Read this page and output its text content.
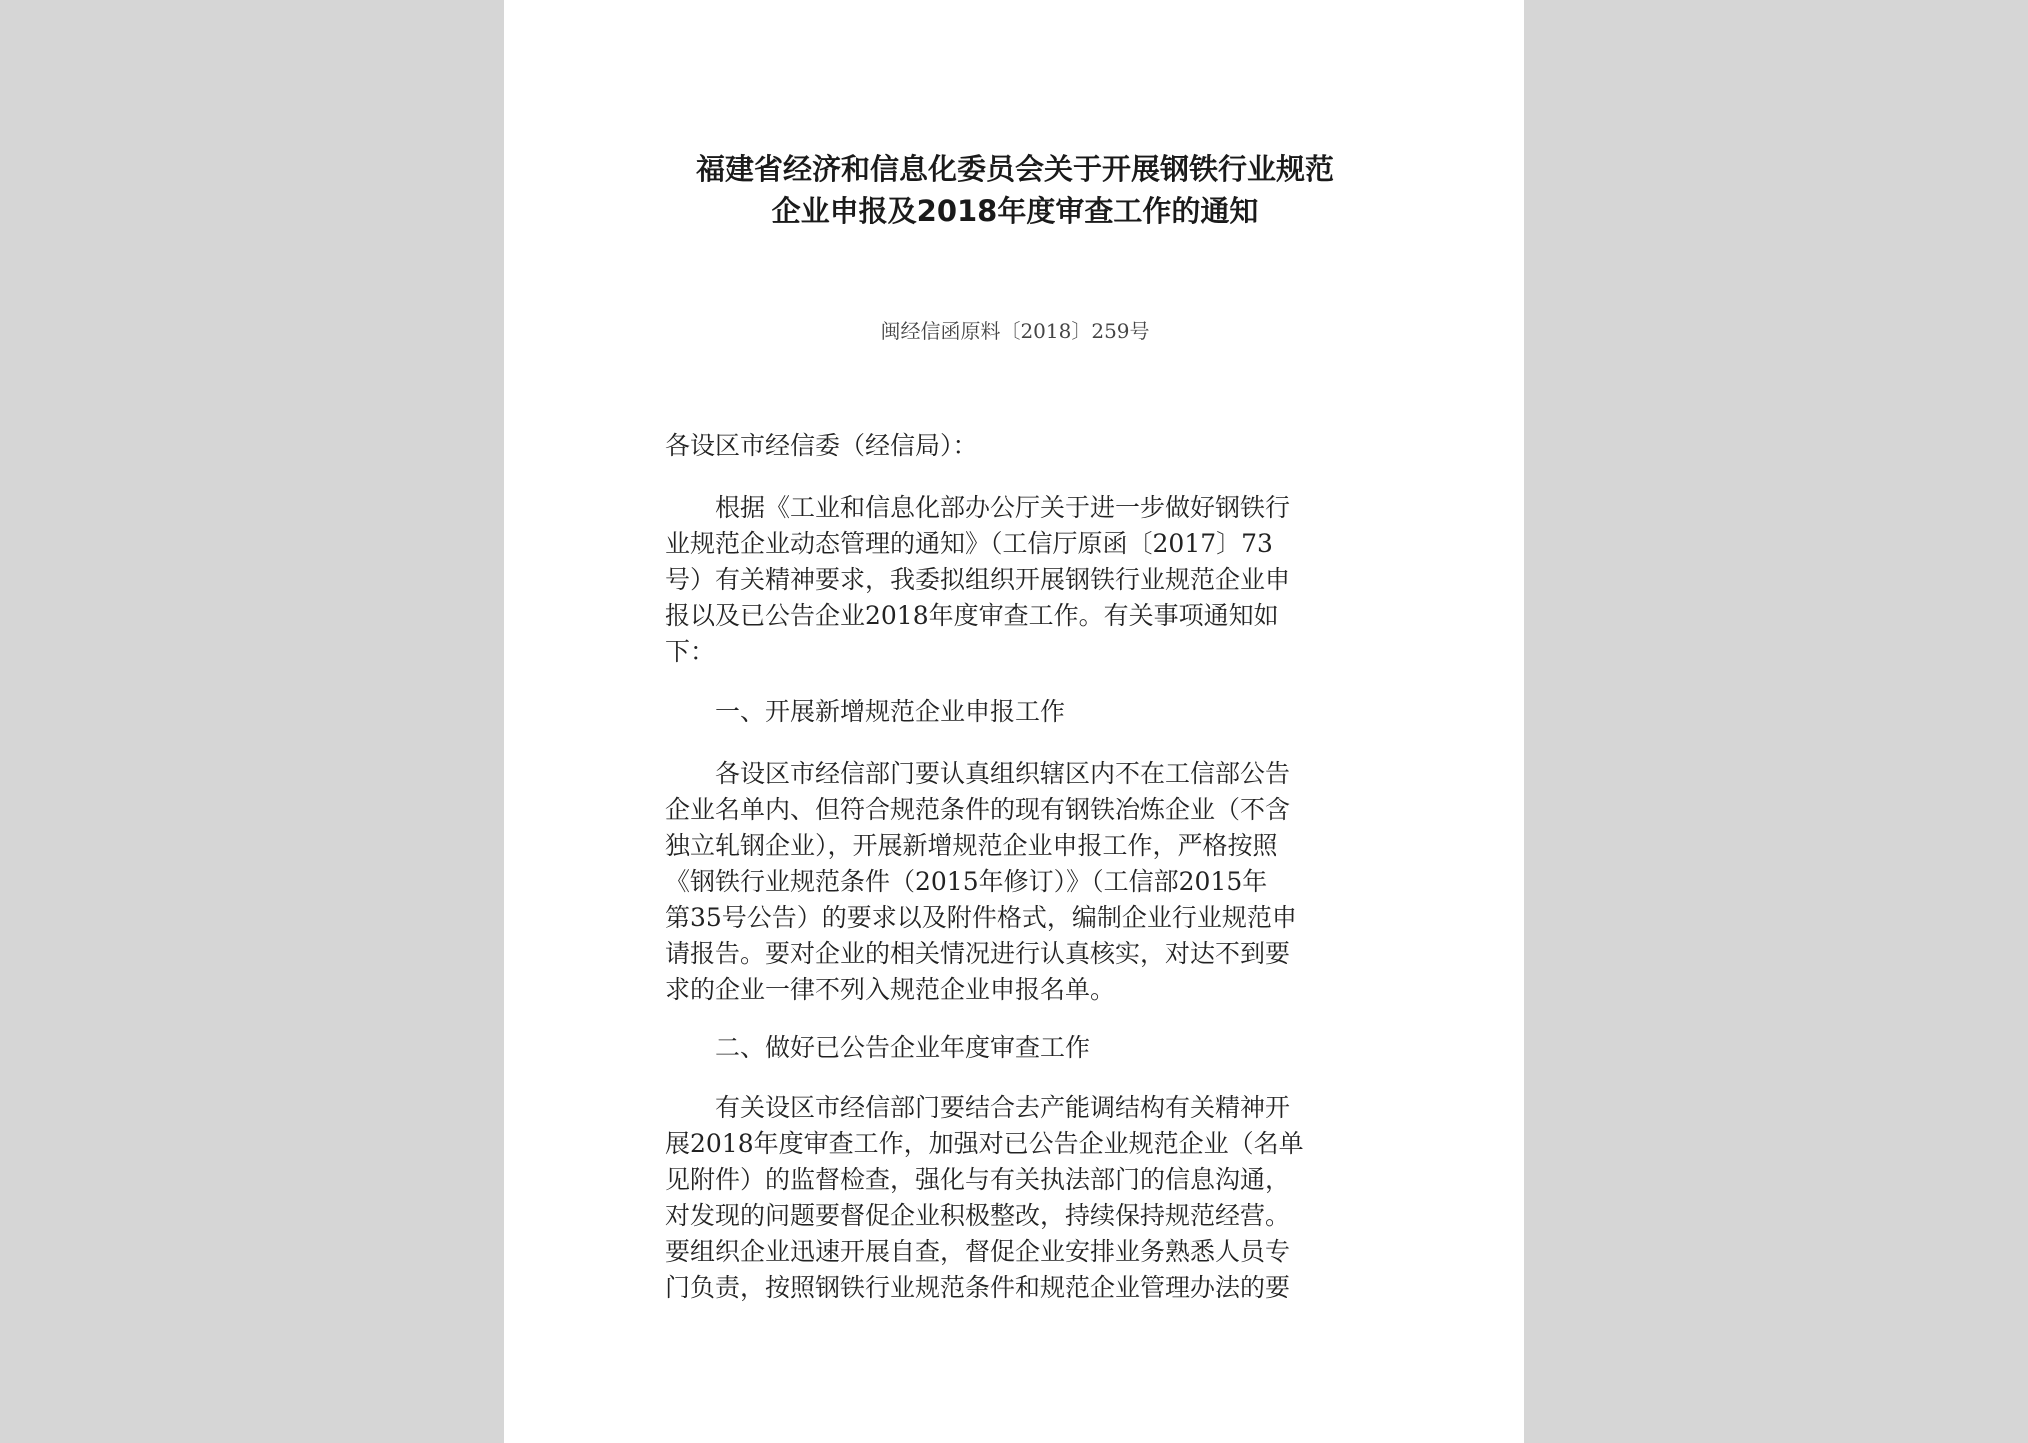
福建省经济和信息化委员会关于开展钢铁行业规范
企业申报及2018年度审查工作的通知
闽经信函原料〔2018〕259号
各设区市经信委（经信局）：
　　根据《工业和信息化部办公厅关于进一步做好钢铁行
业规范企业动态管理的通知》（工信厅原函〔2017〕73
号）有关精神要求，我委拟组织开展钢铁行业规范企业申
报以及已公告企业2018年度审查工作。有关事项通知如
下：
　　一、开展新增规范企业申报工作
　　各设区市经信部门要认真组织辖区内不在工信部公告
企业名单内、但符合规范条件的现有钢铁冶炼企业（不含
独立轧钢企业），开展新增规范企业申报工作，严格按照
《钢铁行业规范条件（2015年修订）》（工信部2015年
第35号公告）的要求以及附件格式，编制企业行业规范申
请报告。要对企业的相关情况进行认真核实，对达不到要
求的企业一律不列入规范企业申报名单。
　　二、做好已公告企业年度审查工作
　　有关设区市经信部门要结合去产能调结构有关精神开
展2018年度审查工作，加强对已公告企业规范企业（名单
见附件）的监督检查，强化与有关执法部门的信息沟通，
对发现的问题要督促企业积极整改，持续保持规范经营。
要组织企业迅速开展自查，督促企业安排业务熟悉人员专
门负责，按照钢铁行业规范条件和规范企业管理办法的要
